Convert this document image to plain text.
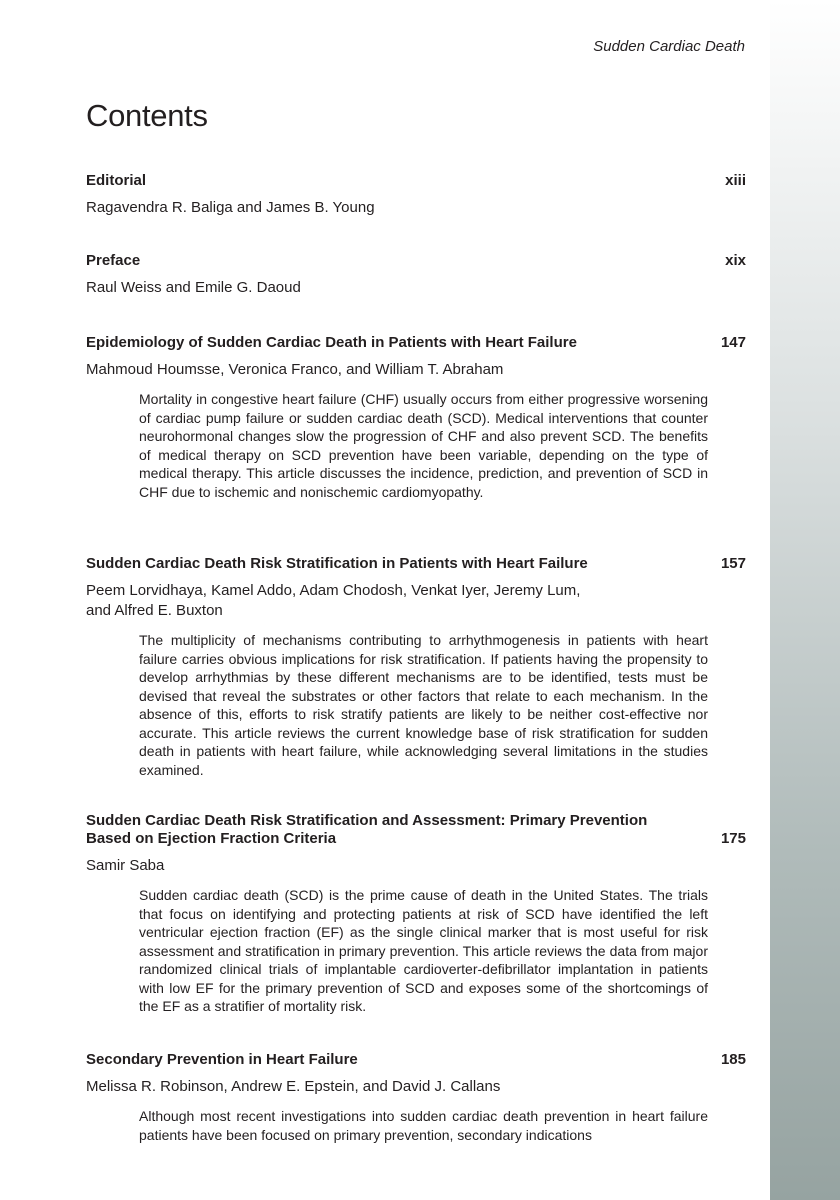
Sudden Cardiac Death
Contents
Editorial	xiii
Ragavendra R. Baliga and James B. Young
Preface	xix
Raul Weiss and Emile G. Daoud
Epidemiology of Sudden Cardiac Death in Patients with Heart Failure	147
Mahmoud Houmsse, Veronica Franco, and William T. Abraham
Mortality in congestive heart failure (CHF) usually occurs from either progressive worsening of cardiac pump failure or sudden cardiac death (SCD). Medical interventions that counter neurohormonal changes slow the progression of CHF and also prevent SCD. The benefits of medical therapy on SCD prevention have been variable, depending on the type of medical therapy. This article discusses the incidence, prediction, and prevention of SCD in CHF due to ischemic and nonischemic cardiomyopathy.
Sudden Cardiac Death Risk Stratification in Patients with Heart Failure	157
Peem Lorvidhaya, Kamel Addo, Adam Chodosh, Venkat Iyer, Jeremy Lum,
and Alfred E. Buxton
The multiplicity of mechanisms contributing to arrhythmogenesis in patients with heart failure carries obvious implications for risk stratification. If patients having the propensity to develop arrhythmias by these different mechanisms are to be identified, tests must be devised that reveal the substrates or other factors that relate to each mechanism. In the absence of this, efforts to risk stratify patients are likely to be neither cost-effective nor accurate. This article reviews the current knowledge base of risk stratification for sudden death in patients with heart failure, while acknowledging several limitations in the studies examined.
Sudden Cardiac Death Risk Stratification and Assessment: Primary Prevention
Based on Ejection Fraction Criteria	175
Samir Saba
Sudden cardiac death (SCD) is the prime cause of death in the United States. The trials that focus on identifying and protecting patients at risk of SCD have identified the left ventricular ejection fraction (EF) as the single clinical marker that is most useful for risk assessment and stratification in primary prevention. This article reviews the data from major randomized clinical trials of implantable cardioverter-defibrillator implantation in patients with low EF for the primary prevention of SCD and exposes some of the shortcomings of the EF as a stratifier of mortality risk.
Secondary Prevention in Heart Failure	185
Melissa R. Robinson, Andrew E. Epstein, and David J. Callans
Although most recent investigations into sudden cardiac death prevention in heart failure patients have been focused on primary prevention, secondary indications
